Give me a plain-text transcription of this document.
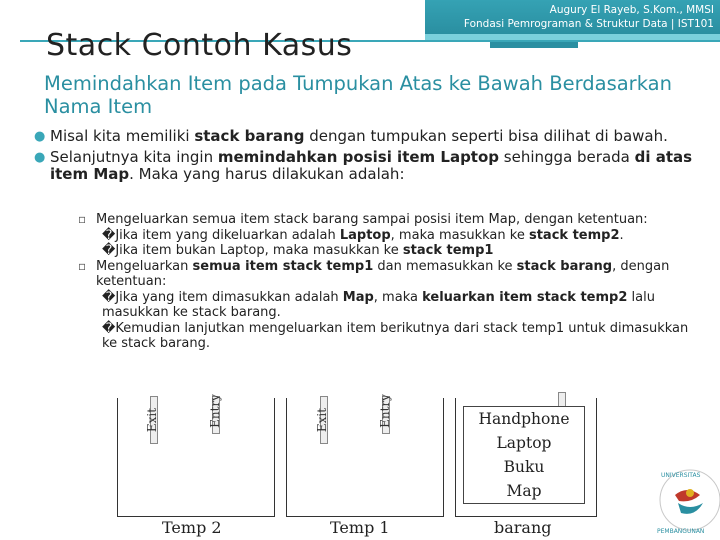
Augury El Rayeb, S.Kom., MMSI
Fondasi Pemrograman & Struktur Data | IST101
Stack Contoh Kasus
Memindahkan Item pada Tumpukan Atas ke Bawah Berdasarkan Nama Item
● Misal kita memiliki stack barang dengan tumpukan seperti bisa dilihat di bawah.
● Selanjutnya kita ingin memindahkan posisi item Laptop sehingga berada di atas item Map. Maka yang harus dilakukan adalah:
▫ Mengeluarkan semua item stack barang sampai posisi item Map, dengan ketentuan:
�Jika item yang dikeluarkan adalah Laptop, maka masukkan ke stack temp2.
�Jika item bukan Laptop, maka masukkan ke stack temp1
▫ Mengeluarkan semua item stack temp1 dan memasukkan ke stack barang, dengan ketentuan:
�Jika yang item dimasukkan adalah Map, maka keluarkan item stack temp2 lalu masukkan ke stack barang.
�Kemudian lanjutkan mengeluarkan item berikutnya dari stack temp1 untuk dimasukkan ke stack barang.
Exit	Entry	Exit	Entry	Handphone
Laptop
Buku
Map
Temp 2	Temp 1	barang
UNIVERSITAS
PEMBANGUNAN
